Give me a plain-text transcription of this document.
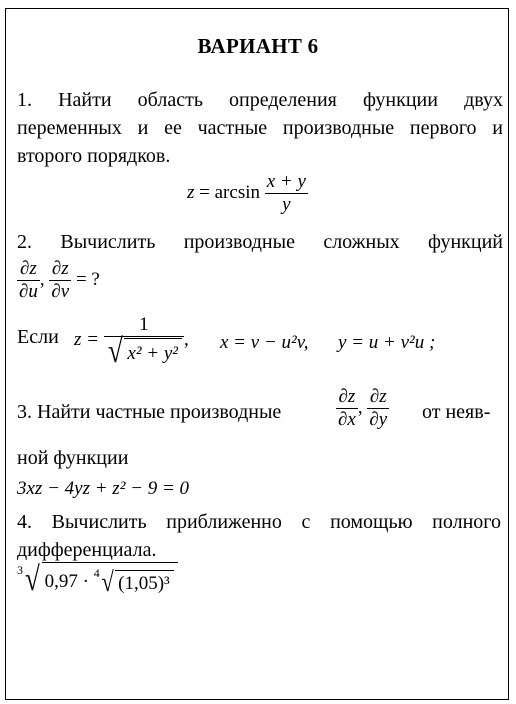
ВАРИАНТ 6
1. Найти область определения функции двух переменных и ее частные производные первого и второго порядков.
$z = \arcsin \frac{x + y}{y}$
2. Вычислить производные сложных функций
$\frac{\partial z}{\partial u}$ , $\frac{\partial z}{\partial v}$ = ?
Если $z = \frac{1}{\text{√ x² + y²}}$ , x = v − u²v, y = u + v²u ;
3. Найти частные производные	$\frac{\partial z}{\partial x}$ , $\frac{\partial z}{\partial y}$ от неяв-
ной функции
3xz − 4yz + z² − 9 = 0
4. Вычислить приближенно с помощью полного дифференциала.
$^3$√ 0,97 · $^4$√ (1,05)³
